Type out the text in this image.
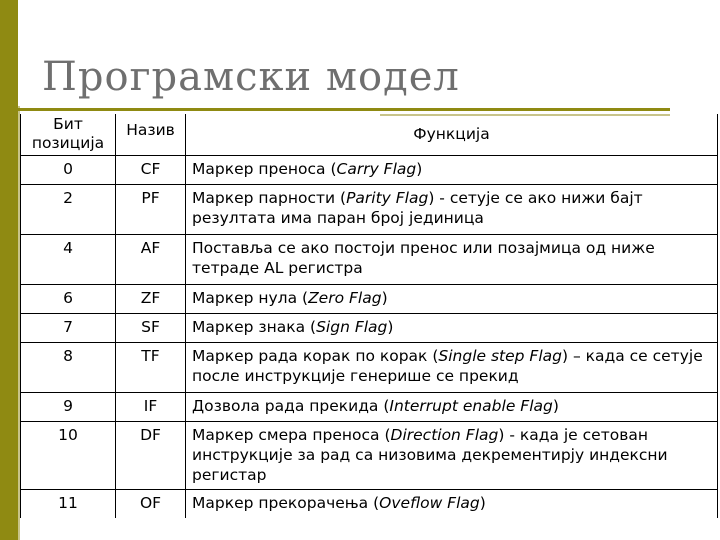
Програмски модел
Бит
позиција	Назив	Функција
0	CF	Маркер преноса (Carry Flag)
2	PF	Маркер парности (Parity Flag) - сетује се ако нижи бајт резултата има паран број јединица
4	AF	Поставља се ако постоји пренос или позајмица од ниже тетраде AL регистра
6	ZF	Маркер нула (Zero Flag)
7	SF	Маркер знака (Sign Flag)
8	TF	Маркер рада корак по корак (Single step Flag) – када се сетује после инструкције генерише се прекид
9	IF	Дозвола рада прекида (Interrupt enable Flag)
10	DF	Маркер смера преноса (Direction Flag) - када је сетован инструкције за рад са низовима декрементирју индексни регистар
11	OF	Маркер прекорачења (Oveflow Flag)
